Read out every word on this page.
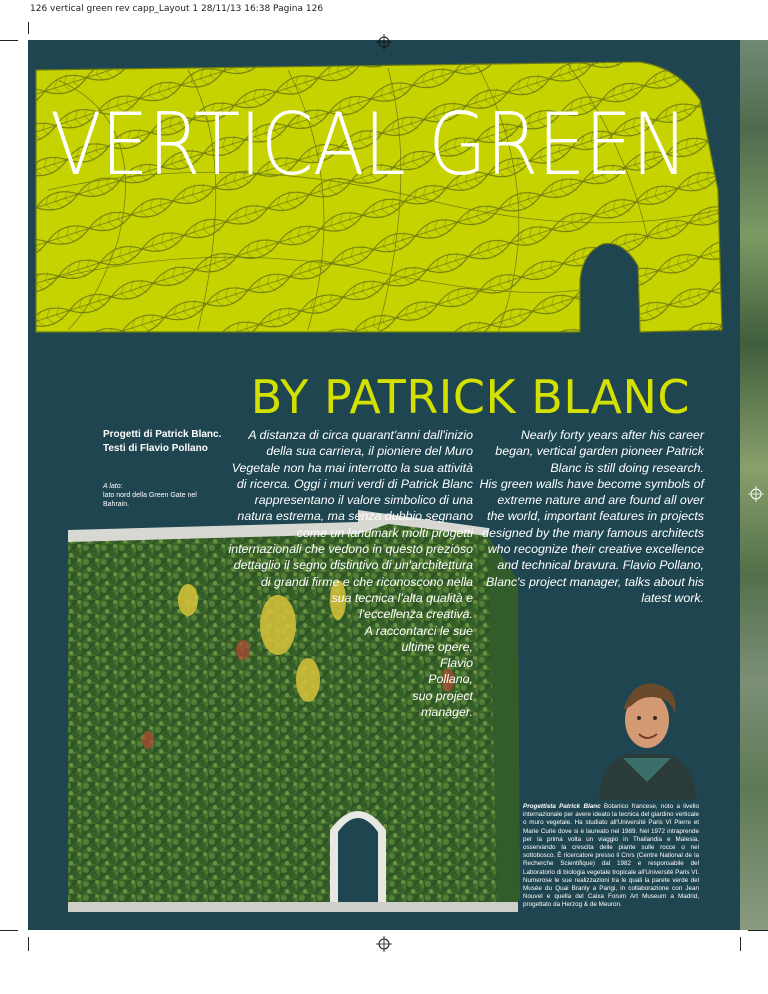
126 vertical green rev capp_Layout 1 28/11/13 16:38 Pagina 126
VERTICAL GREEN
BY PATRICK BLANC
Progetti di Patrick Blanc.
Testi di Flavio Pollano
A lato:
lato nord della Green Gate nel Bahrain.
A distanza di circa quarant'anni dall'inizio
della sua carriera, il pioniere del Muro
Vegetale non ha mai interrotto la sua attività
di ricerca. Oggi i muri verdi di Patrick Blanc
rappresentano il valore simbolico di una
natura estrema, ma senza dubbio segnano
come un landmark molti progetti
internazionali che vedono in questo prezioso
dettaglio il segno distintivo di un'architettura
di grandi firme e che riconoscono nella
sua tecnica l'alta qualità e
l'eccellenza creativa.
A raccontarci le sue
ultime opere,
Flavio
Pollano,
suo project
manager.
Nearly forty years after his career
began, vertical garden pioneer Patrick
Blanc is still doing research.
His green walls have become symbols of
extreme nature and are found all over
the world, important features in projects
designed by the many famous architects
who recognize their creative excellence
and technical bravura. Flavio Pollano,
Blanc's project manager, talks about his
latest work.
Progettista Patrick Blanc Botanico francese, noto a livello internazionale per avere ideato la tecnica del giardino verticale o muro vegetale. Ha studiato all'Université Paris VI Pierre et Marie Curie dove si è laureato nel 1989. Nel 1972 intraprende per la prima volta un viaggio in Thailandia e Malesia, osservando la crescita delle piante sulle rocce o nel sottobosco. È ricercatore presso il Cnrs (Centre National de la Recherche Scientifique) dal 1982 e responsabile del Laboratorio di biologia vegetale tropicale all'Université Paris VI. Numerose le sue realizzazioni tra le quali la parete verde del Musée du Quai Branly a Parigi, in collaborazione con Jean Nouvel e quella del Caixa Forum Art Museum a Madrid, progettato da Herzog & de Meuron.
126
TOPSCAPE 14
